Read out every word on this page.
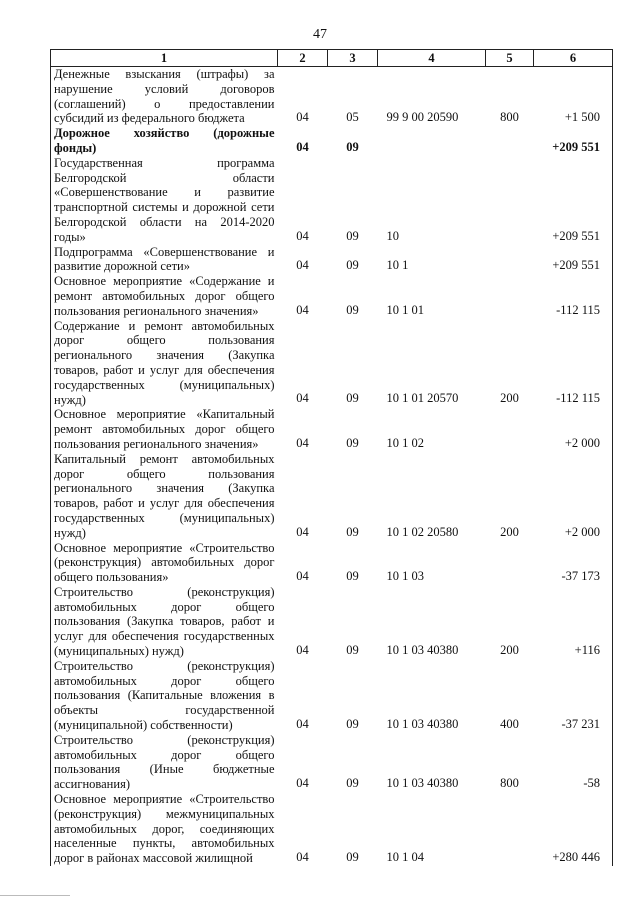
47
1	2	3	4	5	6
Денежные взыскания (штрафы) за нарушение условий договоров (соглашений) о предоставлении субсидий из федерального бюджета	04	05	99 9 00 20590	800	+1 500
Дорожное хозяйство (дорожные фонды)	04	09			+209 551
Государственная программа Белгородской области «Совершенствование и развитие транспортной системы и дорожной сети Белгородской области на 2014-2020 годы»	04	09	10		+209 551
Подпрограмма «Совершенствование и развитие дорожной сети»	04	09	10 1		+209 551
Основное мероприятие «Содержание и ремонт автомобильных дорог общего пользования регионального значения»	04	09	10 1 01		-112 115
Содержание и ремонт автомобильных дорог общего пользования регионального значения (Закупка товаров, работ и услуг для обеспечения государственных (муниципальных) нужд)	04	09	10 1 01 20570	200	-112 115
Основное мероприятие «Капитальный ремонт автомобильных дорог общего пользования регионального значения»	04	09	10 1 02		+2 000
Капитальный ремонт автомобильных дорог общего пользования регионального значения (Закупка товаров, работ и услуг для обеспечения государственных (муниципальных) нужд)	04	09	10 1 02 20580	200	+2 000
Основное мероприятие «Строительство (реконструкция) автомобильных дорог общего пользования»	04	09	10 1 03		-37 173
Строительство (реконструкция) автомобильных дорог общего пользования (Закупка товаров, работ и услуг для обеспечения государственных (муниципальных) нужд)	04	09	10 1 03 40380	200	+116
Строительство (реконструкция) автомобильных дорог общего пользования (Капитальные вложения в объекты государственной (муниципальной) собственности)	04	09	10 1 03 40380	400	-37 231
Строительство (реконструкция) автомобильных дорог общего пользования (Иные бюджетные ассигнования)	04	09	10 1 03 40380	800	-58
Основное мероприятие «Строительство (реконструкция) межмуниципальных автомобильных дорог, соединяющих населенные пункты, автомобильных дорог в районах массовой жилищной	04	09	10 1 04		+280 446
